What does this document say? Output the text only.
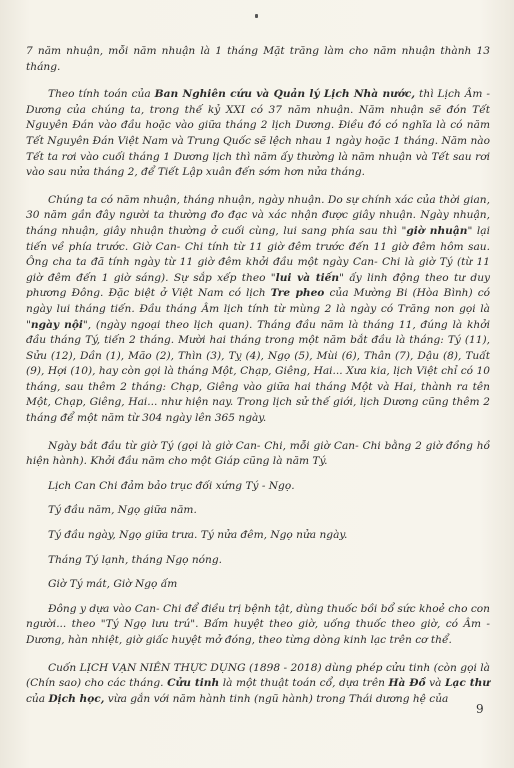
7 năm nhuận, mỗi năm nhuận là 1 tháng Mặt trăng làm cho năm nhuận thành 13 tháng.

Theo tính toán của Ban Nghiên cứu và Quản lý Lịch Nhà nước, thì Lịch Âm -Dương của chúng ta, trong thế kỷ XXI có 37 năm nhuận. Năm nhuận sẽ đón Tết Nguyên Đán vào đầu hoặc vào giữa tháng 2 lịch Dương. Điều đó có nghĩa là có năm Tết Nguyên Đán Việt Nam và Trung Quốc sẽ lệch nhau 1 ngày hoặc 1 tháng. Năm nào Tết ta rơi vào cuối tháng 1 Dương lịch thì năm ấy thường là năm nhuận và Tết sau rơi vào sau nửa tháng 2, để Tiết Lập xuân đến sớm hơn nửa tháng.

Chúng ta có năm nhuận, tháng nhuận, ngày nhuận. Do sự chính xác của thời gian, 30 năm gần đây người ta thường đo đạc và xác nhận được giây nhuận. Ngày nhuận, tháng nhuận, giây nhuận thường ở cuối cùng, lui sang phía sau thì "giờ nhuận" lại tiến về phía trước. Giờ Can- Chi tính từ 11 giờ đêm trước đến 11 giờ đêm hôm sau. Ông cha ta đã tính ngày từ 11 giờ đêm khởi đầu một ngày Can- Chi là giờ Tý (từ 11 giờ đêm đến 1 giờ sáng). Sự sắp xếp theo "lui và tiến" ấy linh động theo tư duy phương Đông. Đặc biệt ở Việt Nam có lịch Tre pheo của Mường Bi (Hòa Bình) có ngày lui tháng tiến. Đầu tháng Âm lịch tính từ mùng 2 là ngày có Trăng non gọi là "ngày nội", (ngày ngoại theo lịch quan). Tháng đầu năm là tháng 11, đúng là khởi đầu tháng Tý, tiến 2 tháng. Mười hai tháng trong một năm bắt đầu là tháng: Tý (11), Sửu (12), Dần (1), Mão (2), Thìn (3), Tỵ (4), Ngọ (5), Mùi (6), Thân (7), Dậu (8), Tuất (9), Hợi (10), hay còn gọi là tháng Một, Chạp, Giêng, Hai... Xưa kia, lịch Việt chỉ có 10 tháng, sau thêm 2 tháng: Chạp, Giêng vào giữa hai tháng Một và Hai, thành ra tên Một, Chạp, Giêng, Hai... như hiện nay. Trong lịch sử thế giới, lịch Dương cũng thêm 2 tháng để một năm từ 304 ngày lên 365 ngày.

Ngày bắt đầu từ giờ Tý (gọi là giờ Can- Chi, mỗi giờ Can- Chi bằng 2 giờ đồng hồ hiện hành). Khởi đầu năm cho một Giáp cũng là năm Tý.

Lịch Can Chi đảm bảo trục đối xứng Tý - Ngọ.

Tý đầu năm, Ngọ giữa năm.

Tý đầu ngày, Ngọ giữa trưa. Tý nửa đêm, Ngọ nửa ngày.

Tháng Tý lạnh, tháng Ngọ nóng.

Giờ Tý mát, Giờ Ngọ ấm

Đông y dựa vào Can- Chi để điều trị bệnh tật, dùng thuốc bồi bổ sức khoẻ cho con người... theo "Tý Ngọ lưu trú". Bấm huyệt theo giờ, uống thuốc theo giờ, có Âm -Dương, hàn nhiệt, giờ giấc huyệt mở đóng, theo từng dòng kinh lạc trên cơ thể.

Cuốn LỊCH VẠN NIÊN THỰC DỤNG (1898 - 2018) dùng phép cửu tinh (còn gọi là (Chín sao) cho các tháng. Cửu tinh là một thuật toán cổ, dựa trên Hà Đồ và Lạc thư của Dịch học, vừa gắn với năm hành tinh (ngũ hành) trong Thái dương hệ của

9
